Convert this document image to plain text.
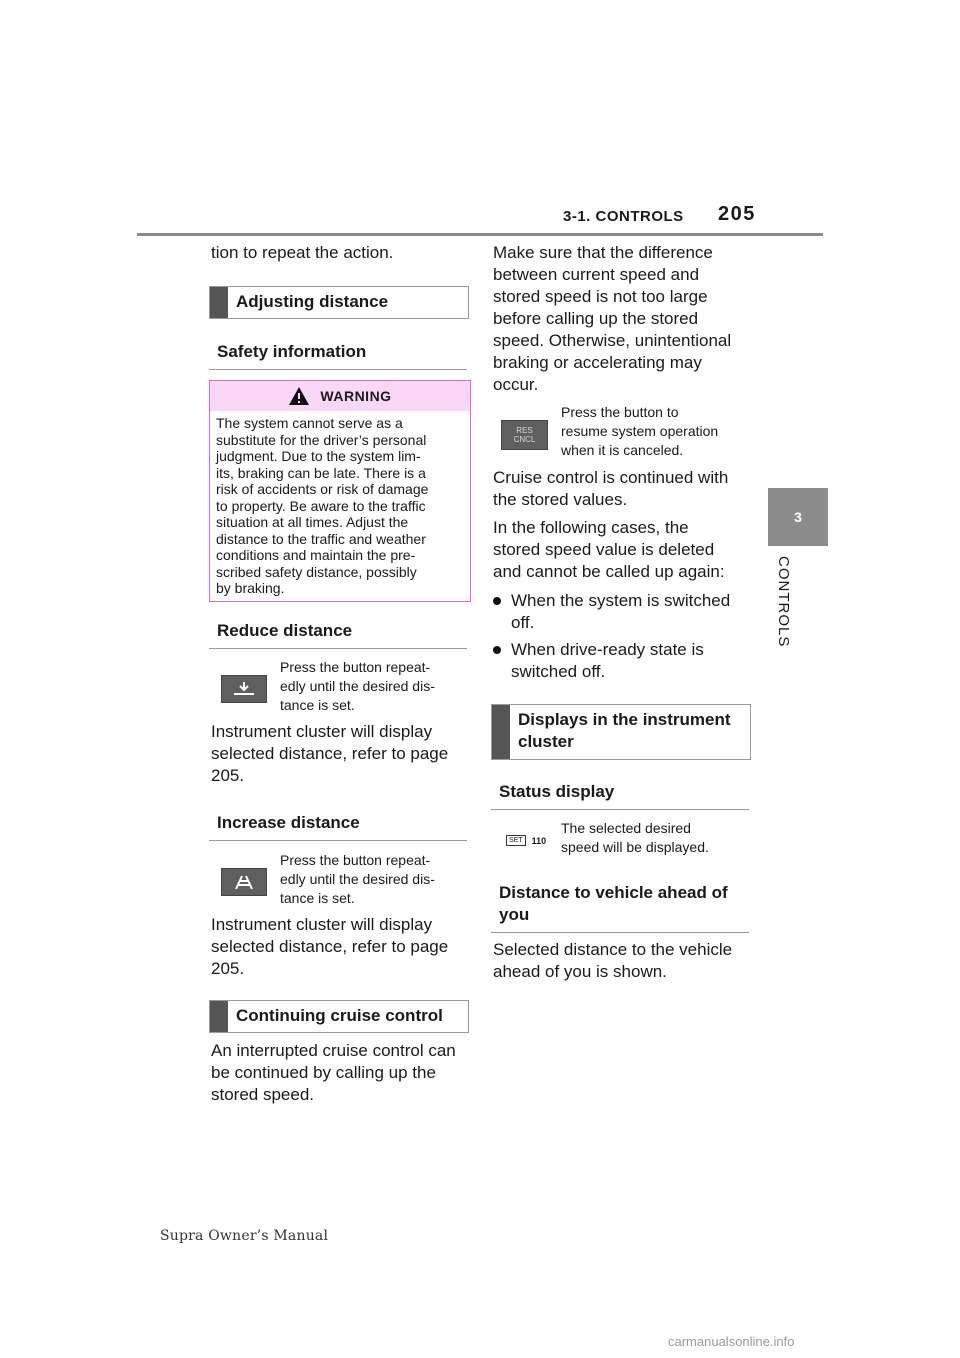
3-1. CONTROLS 205
3
CONTROLS
tion to repeat the action.
Adjusting distance
Safety information
WARNING
The system cannot serve as a
substitute for the driver’s personal
judgment. Due to the system lim-
its, braking can be late. There is a
risk of accidents or risk of damage
to property. Be aware to the traffic
situation at all times. Adjust the
distance to the traffic and weather
conditions and maintain the pre-
scribed safety distance, possibly
by braking.
Reduce distance
Press the button repeat-
edly until the desired dis-
tance is set.
Instrument cluster will display
selected distance, refer to page
205.
Increase distance
Press the button repeat-
edly until the desired dis-
tance is set.
Instrument cluster will display
selected distance, refer to page
205.
Continuing cruise control
An interrupted cruise control can
be continued by calling up the
stored speed.
Make sure that the difference
between current speed and
stored speed is not too large
before calling up the stored
speed. Otherwise, unintentional
braking or accelerating may
occur.
RES
CNCL
Press the button to
resume system operation
when it is canceled.
Cruise control is continued with
the stored values.
In the following cases, the
stored speed value is deleted
and cannot be called up again:
When the system is switched
off.
When drive-ready state is
switched off.
Displays in the instrument
cluster
Status display
SET	110
The selected desired
speed will be displayed.
Distance to vehicle ahead of
you
Selected distance to the vehicle
ahead of you is shown.
Supra Owner’s Manual
carmanualsonline.info
